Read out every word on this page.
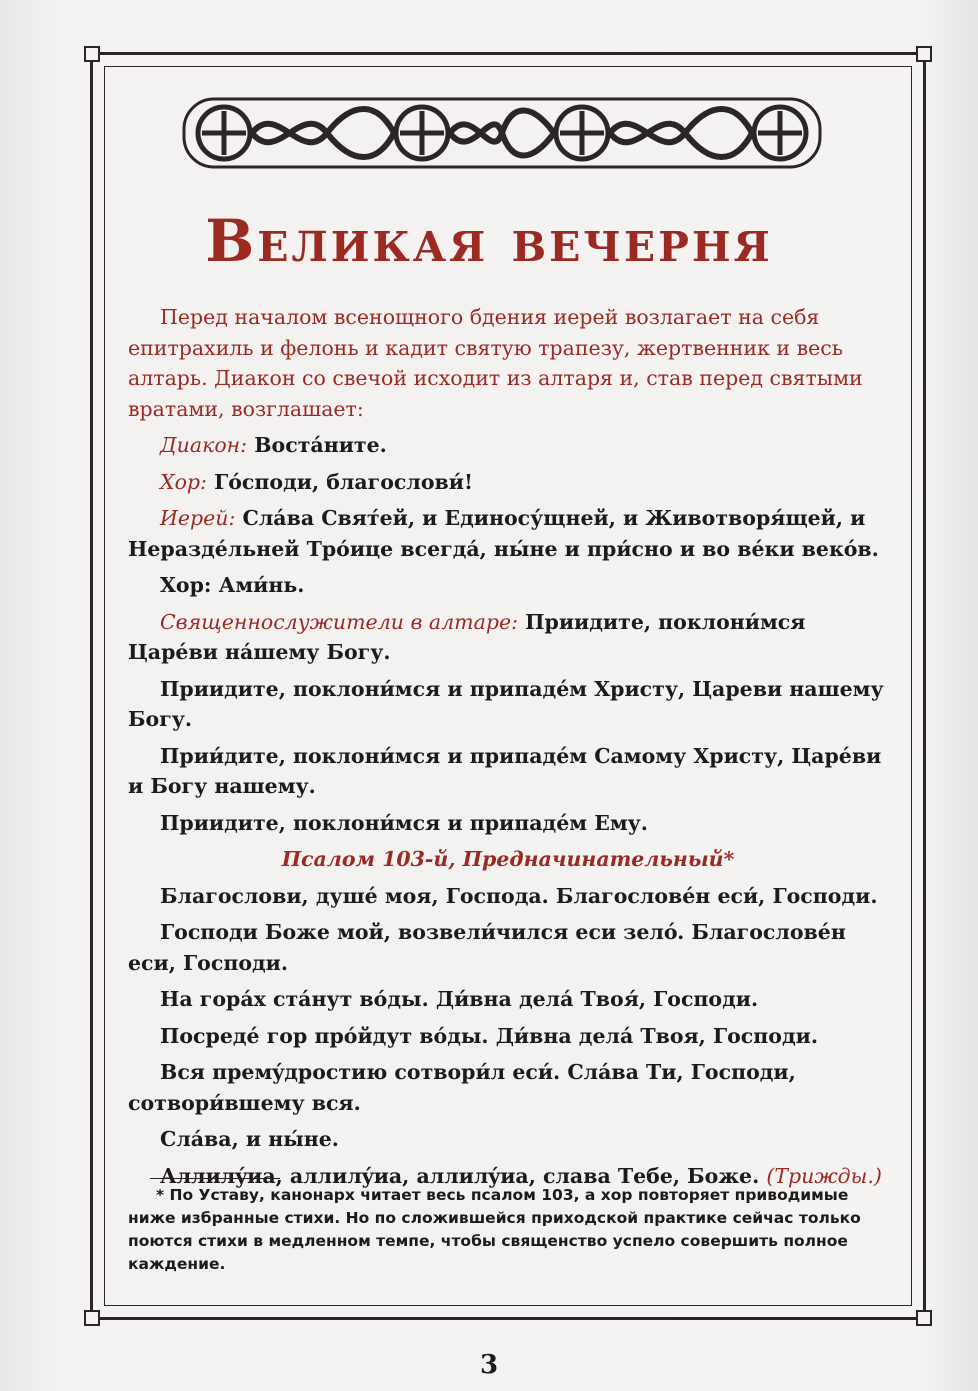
Великая вечерня

Перед началом всенощного бдения иерей возлагает на себя епитрахиль и фелонь и кадит святую трапезу, жертвенник и весь алтарь. Диакон со свечой исходит из алтаря и, став перед святыми вратами, возглашает:

Диакон: Воста́ните.

Хор: Го́споди, благослови́!

Иерей: Сла́ва Свят́ей, и Единосу́щней, и Животворя́щей, и Нераздéльней Тро́ице всегда́, ны́не и при́сно и во вéки векóв.

Хор: Ами́нь.

Священнослужители в алтаре: Приидите, поклони́мся Царéви на́шему Богу.

Приидите, поклони́мся и припадéм Христу, Цареви нашему Богу.

Прии́дите, поклони́мся и припадéм Самому Христу, Царéви и Богу нашему.

Приидите, поклони́мся и припадéм Ему.

Псалом 103-й, Предначинательный*

Благослови, душé моя, Господа. Благословéн еси́, Господи.

Господи Боже мой, возвели́чился еси зелó. Благословéн еси, Господи.

На гора́х ста́нут во́ды. Ди́вна дела́ Твоя́, Господи.

Посредé гор про́йдут во́ды. Ди́вна дела́ Твоя, Господи.

Вся премýдростию сотвори́л еси́. Сла́ва Ти, Господи, сотвори́вшему вся.

Сла́ва, и ны́не.

Аллилýиа, аллилýиа, аллилýиа, слава Тебе, Боже. (Трижды.)

* По Уставу, канонарх читает весь псалом 103, а хор повторяет приводимые ниже избранные стихи. Но по сложившейся приходской практике сейчас только поются стихи в медленном темпе, чтобы священство успело совершить полное каждение.
3
